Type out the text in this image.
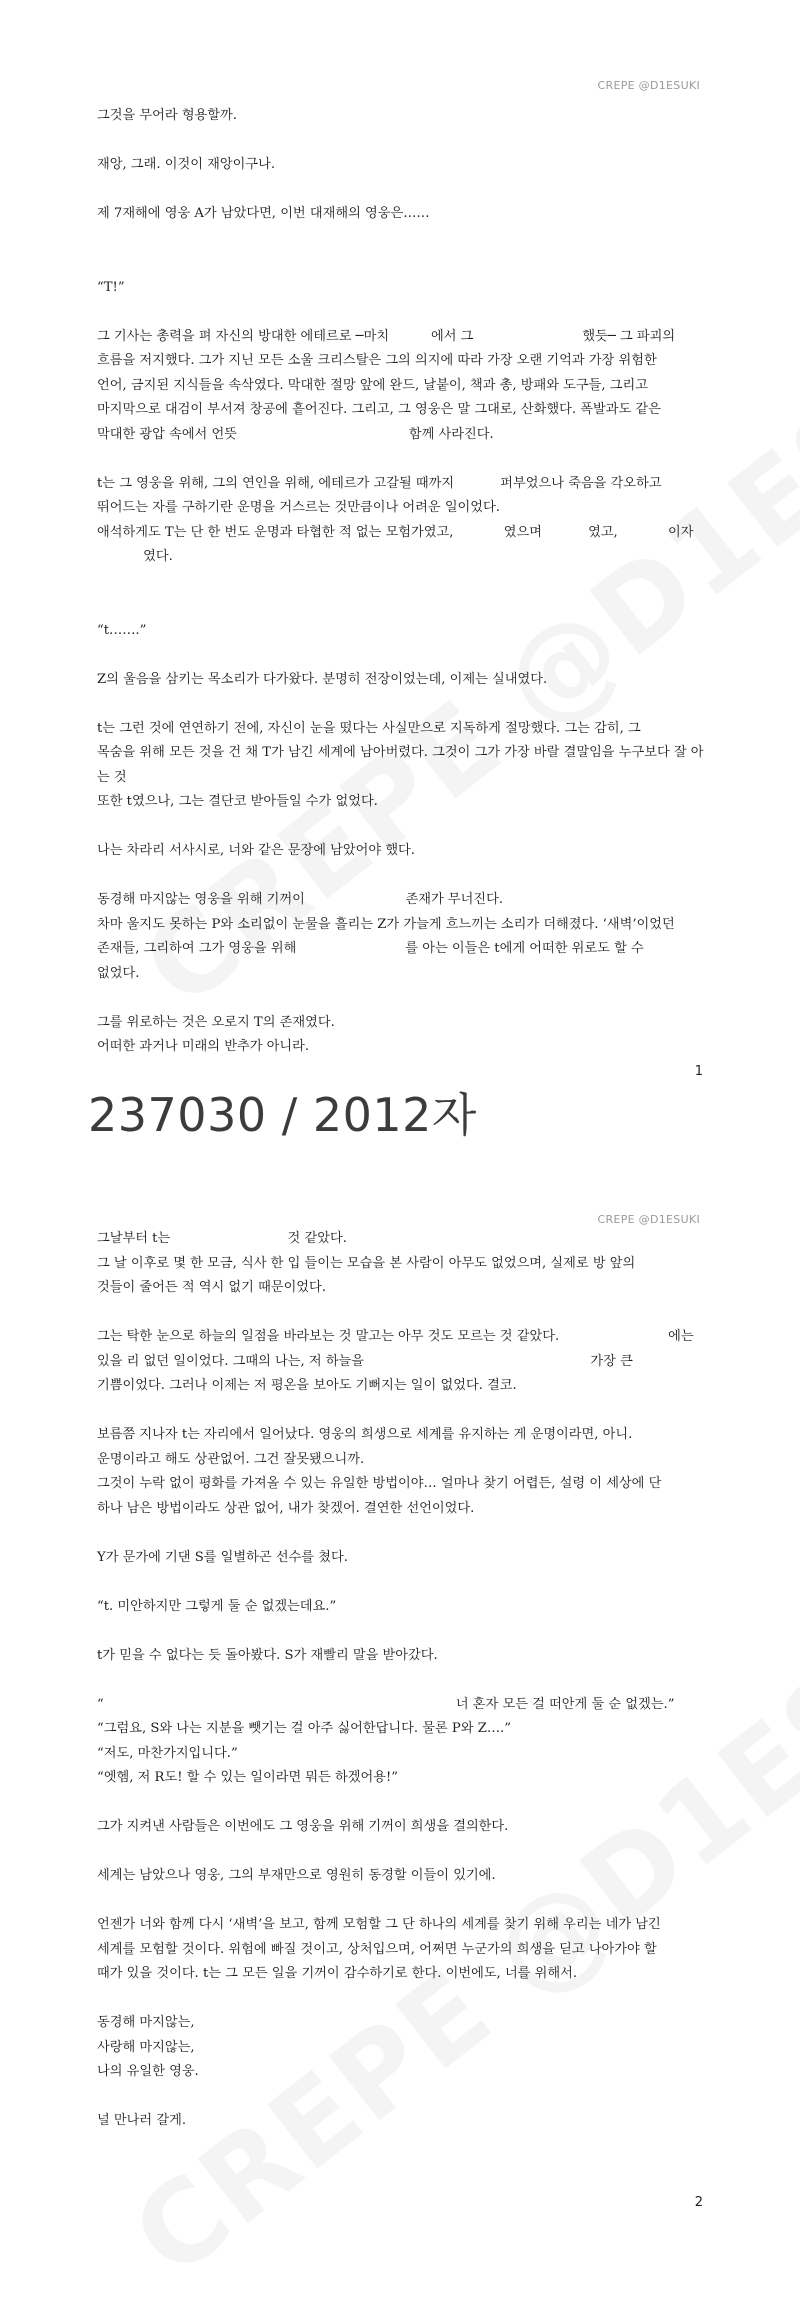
CREPE @D1ESUKI

그것을 무어라 형용할까.

재앙, 그래. 이것이 재앙이구나.

제 7재해에 영웅 A가 남았다면, 이번 대재해의 영웅은……

“T!”

그 기사는 총력을 펴 자신의 방대한 에테르로 ─마치          에서 그                          했듯─ 그 파괴의
흐름을 저지했다. 그가 지닌 모든 소울 크리스탈은 그의 의지에 따라 가장 오랜 기억과 가장 위험한
언어, 금지된 지식들을 속삭였다. 막대한 절망 앞에 완드, 날붙이, 책과 총, 방패와 도구들, 그리고
마지막으로 대검이 부서져 창공에 흩어진다. 그리고, 그 영웅은 말 그대로, 산화했다. 폭발과도 같은
막대한 광압 속에서 언뜻                                         함께 사라진다.

t는 그 영웅을 위해, 그의 연인을 위해, 에테르가 고갈될 때까지           퍼부었으나 죽음을 각오하고
뛰어드는 자를 구하기란 운명을 거스르는 것만큼이나 어려운 일이었다.
애석하게도 T는 단 한 번도 운명과 타협한 적 없는 모험가였고,            였으며           였고,            이자
였다.

“t…….”

Z의 울음을 삼키는 목소리가 다가왔다. 분명히 전장이었는데, 이제는 실내였다.

t는 그런 것에 연연하기 전에, 자신이 눈을 떴다는 사실만으로 지독하게 절망했다. 그는 감히, 그
목숨을 위해 모든 것을 건 채 T가 남긴 세계에 남아버렸다. 그것이 그가 가장 바랄 결말임을 누구보다 잘 아는 것
또한 t였으나, 그는 결단코 받아들일 수가 없었다.

나는 차라리 서사시로, 너와 같은 문장에 남았어야 했다.

동경해 마지않는 영웅을 위해 기꺼이                        존재가 무너진다.
차마 울지도 못하는 P와 소리없이 눈물을 흘리는 Z가 가늘게 흐느끼는 소리가 더해졌다. ‘새벽’이었던
존재들, 그리하여 그가 영웅을 위해                          를 아는 이들은 t에게 어떠한 위로도 할 수
없었다.

그를 위로하는 것은 오로지 T의 존재였다.
어떠한 과거나 미래의 반추가 아니라.

1
237030 / 2012자
CREPE @D1ESUKI

그날부터 t는                            것 같았다.
그 날 이후로 몇 한 모금, 식사 한 입 들이는 모습을 본 사람이 아무도 없었으며, 실제로 방 앞의
것들이 줄어든 적 역시 없기 때문이었다.

그는 탁한 눈으로 하늘의 일점을 바라보는 것 말고는 아무 것도 모르는 것 같았다.                          에는
있을 리 없던 일이었다. 그때의 나는, 저 하늘을                                                      가장 큰
기쁨이었다. 그러나 이제는 저 평온을 보아도 기뻐지는 일이 없었다. 결코.

보름쯤 지나자 t는 자리에서 일어났다. 영웅의 희생으로 세계를 유지하는 게 운명이라면, 아니.
운명이라고 해도 상관없어. 그건 잘못됐으니까.
그것이 누락 없이 평화를 가져올 수 있는 유일한 방법이야… 얼마나 찾기 어렵든, 설령 이 세상에 단
하나 남은 방법이라도 상관 없어, 내가 찾겠어. 결연한 선언이었다.

Y가 문가에 기댄 S를 일별하곤 선수를 쳤다.

“t. 미안하지만 그렇게 둘 순 없겠는데요.”

t가 믿을 수 없다는 듯 돌아봤다. S가 재빨리 말을 받아갔다.

“                                                                                    너 혼자 모든 걸 떠안게 둘 순 없겠는.”
“그럼요, S와 나는 지분을 뺏기는 걸 아주 싫어한답니다. 물론 P와 Z….”
“저도, 마찬가지입니다.”
“엣헴, 저 R도! 할 수 있는 일이라면 뭐든 하겠어용!”

그가 지켜낸 사람들은 이번에도 그 영웅을 위해 기꺼이 희생을 결의한다.

세계는 남았으나 영웅, 그의 부재만으로 영원히 동경할 이들이 있기에.

언젠가 너와 함께 다시 ‘새벽’을 보고, 함께 모험할 그 단 하나의 세계를 찾기 위해 우리는 네가 남긴
세계를 모험할 것이다. 위험에 빠질 것이고, 상처입으며, 어쩌면 누군가의 희생을 딛고 나아가야 할
때가 있을 것이다. t는 그 모든 일을 기꺼이 감수하기로 한다. 이번에도, 너를 위해서.

동경해 마지않는,
사랑해 마지않는,
나의 유일한 영웅.

널 만나러 갈게.

2
